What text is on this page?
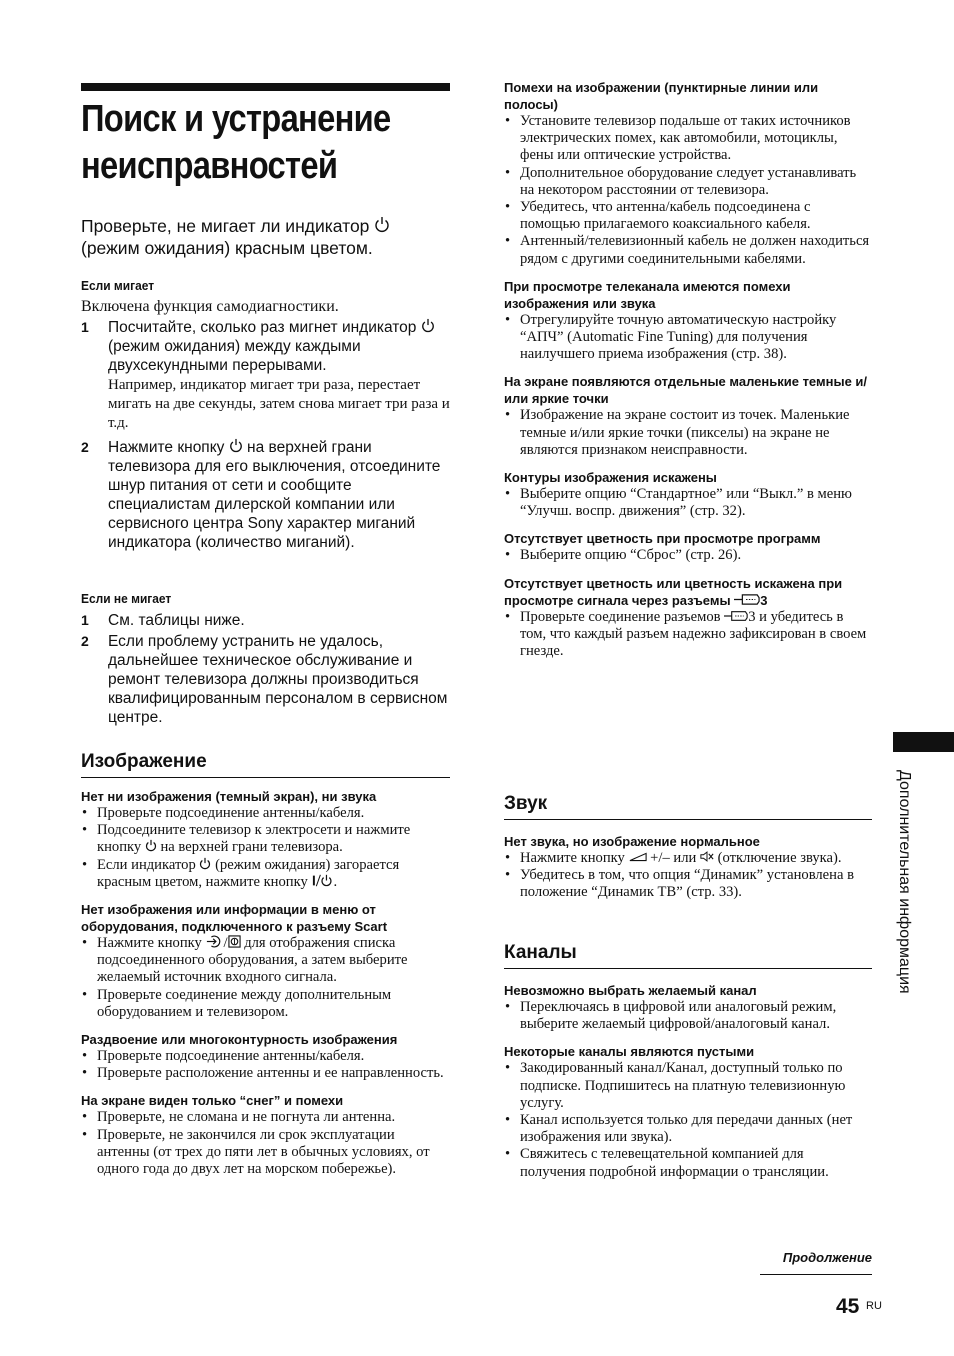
Поиск и устранение
неисправностей
Проверьте, не мигает ли индикатор
(режим ожидания) красным цветом.
Если мигает
Включена функция самодиагностики.
1 Посчитайте, сколько раз мигнет индикатор  (режим ожидания) между каждыми двухсекундными перерывами.
Например, индикатор мигает три раза, перестает мигать на две секунды, затем снова мигает три раза и т.д.
2 Нажмите кнопку на верхней грани телевизора для его выключения, отсоедините шнур питания от сети и сообщите специалистам дилерской компании или сервисного центра Sony характер миганий индикатора (количество миганий).
Если не мигает
1 См. таблицы ниже.
2 Если проблему устранить не удалось, дальнейшее техническое обслуживание и ремонт телевизора должны производиться квалифицированным персоналом в сервисном центре.
Изображение
Нет ни изображения (темный экран), ни звука
• Проверьте подсоединение антенны/кабеля.
• Подсоедините телевизор к электросети и нажмите кнопку на верхней грани телевизора.
• Если индикатор (режим ожидания) загорается красным цветом, нажмите кнопку .
Нет изображения или информации в меню от оборудования, подключенного к разъему Scart
• Нажмите кнопку / для отображения списка подсоединенного оборудования, а затем выберите желаемый источник входного сигнала.
• Проверьте соединение между дополнительным оборудованием и телевизором.
Раздвоение или многоконтурность изображения
• Проверьте подсоединение антенны/кабеля.
• Проверьте расположение антенны и ее направленность.
На экране виден только “снег” и помехи
• Проверьте, не сломана и не погнута ли антенна.
• Проверьте, не закончился ли срок эксплуатации антенны (от трех до пяти лет в обычных условиях, от одного года до двух лет на морском побережье).
Помехи на изображении (пунктирные линии или полосы)
• Установите телевизор подальше от таких источников электрических помех, как автомобили, мотоциклы, фены или оптические устройства.
• Дополнительное оборудование следует устанавливать на некотором расстоянии от телевизора.
• Убедитесь, что антенна/кабель подсоединена с помощью прилагаемого коаксиального кабеля.
• Антенный/телевизионный кабель не должен находиться рядом с другими соединительными кабелями.
При просмотре телеканала имеются помехи изображения или звука
• Отрегулируйте точную автоматическую настройку “АПЧ” (Automatic Fine Tuning) для получения наилучшего приема изображения (стр. 38).
На экране появляются отдельные маленькие темные и/или яркие точки
• Изображение на экране состоит из точек. Маленькие темные и/или яркие точки (пикселы) на экране не являются признаком неисправности.
Контуры изображения искажены
• Выберите опцию “Стандартное” или “Выкл.” в меню “Улучш. воспр. движения” (стр. 32).
Отсутствует цветность при просмотре программ
• Выберите опцию “Сброс” (стр. 26).
Отсутствует цветность или цветность искажена при просмотре сигнала через разъемы 3
• Проверьте соединение разъемов 3 и убедитесь в том, что каждый разъем надежно зафиксирован в своем гнезде.
Звук
Нет звука, но изображение нормальное
• Нажмите кнопку +/– или (отключение звука).
• Убедитесь в том, что опция “Динамик” установлена в положение “Динамик ТВ” (стр. 33).
Каналы
Невозможно выбрать желаемый канал
• Переключаясь в цифровой или аналоговый режим, выберите желаемый цифровой/аналоговый канал.
Некоторые каналы являются пустыми
• Закодированный канал/Канал, доступный только по подписке. Подпишитесь на платную телевизионную услугу.
• Канал используется только для передачи данных (нет изображения или звука).
• Свяжитесь с телевещательной компанией для получения подробной информации о трансляции.
Дополнительная информация
Продолжение
45 RU
